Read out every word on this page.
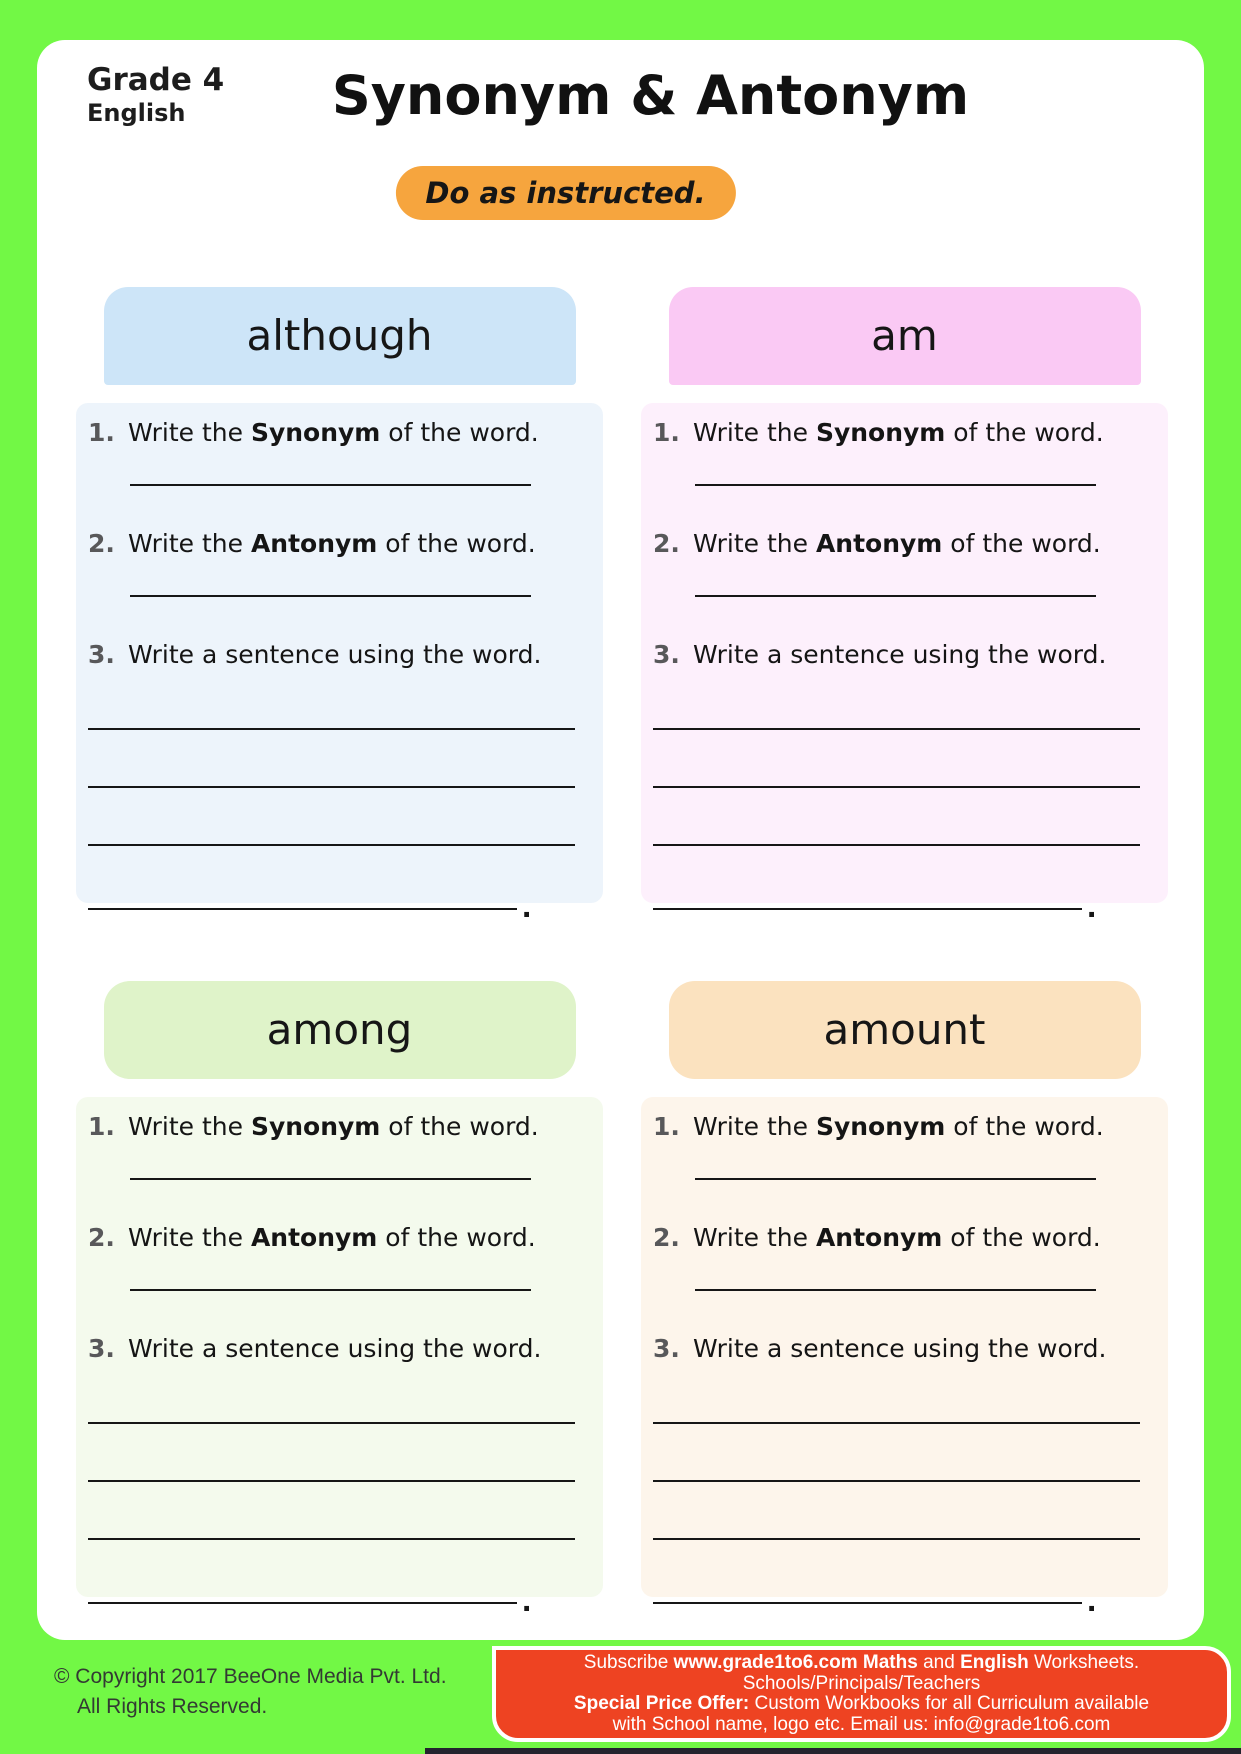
Grade 4
English	Synonym & Antonym
Do as instructed.
although
1. Write the Synonym of the word.
2. Write the Antonym of the word.
3. Write a sentence using the word.
.
am
1. Write the Synonym of the word.
2. Write the Antonym of the word.
3. Write a sentence using the word.
.
among
1. Write the Synonym of the word.
2. Write the Antonym of the word.
3. Write a sentence using the word.
.
amount
1. Write the Synonym of the word.
2. Write the Antonym of the word.
3. Write a sentence using the word.
.
© Copyright 2017 BeeOne Media Pvt. Ltd.
All Rights Reserved.
Subscribe www.grade1to6.com Maths and English Worksheets.
Schools/Principals/Teachers
Special Price Offer: Custom Workbooks for all Curriculum available
with School name, logo etc. Email us: info@grade1to6.com
